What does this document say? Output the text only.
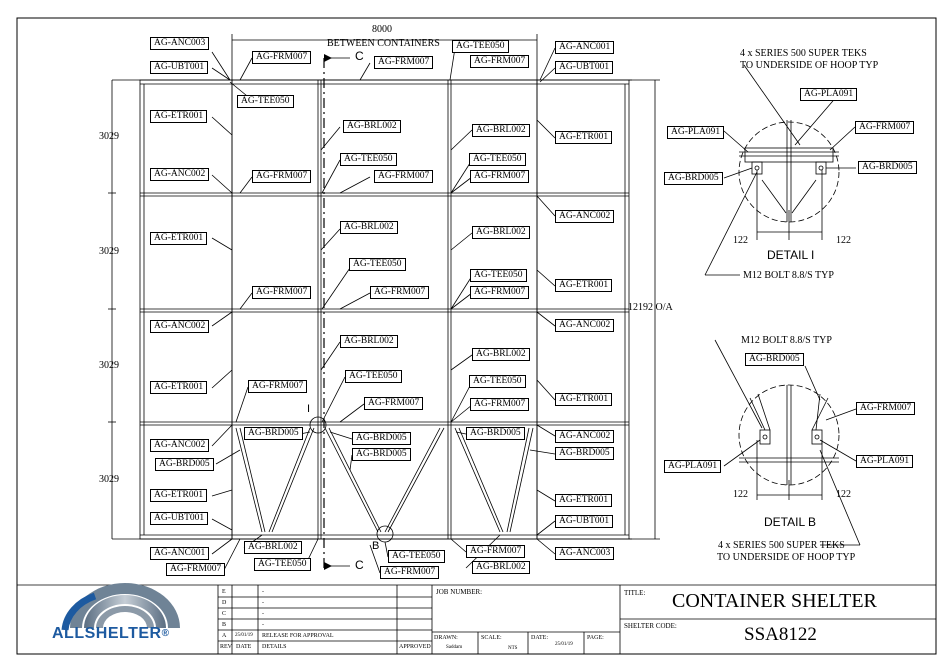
8000
BETWEEN CONTAINERS
C
C
12192 O/A
3029
3029
3029
3029
I
B
AG-ANC003
AG-UBT001
AG-ETR001
AG-ANC002
AG-ETR001
AG-ANC002
AG-ETR001
AG-ANC002
AG-BRD005
AG-ETR001
AG-UBT001
AG-ANC001
AG-FRM007
AG-FRM007
AG-TEE050
AG-FRM007
AG-TEE050
AG-FRM007
AG-ANC001
AG-UBT001
AG-BRL002	AG-BRL002
AG-ETR001
AG-TEE050	AG-TEE050
AG-FRM007	AG-FRM007	AG-FRM007
AG-ANC002
AG-BRL002	AG-BRL002
AG-TEE050
AG-TEE050
AG-ETR001
AG-FRM007	AG-FRM007	AG-FRM007
AG-ANC002
AG-BRL002
AG-BRL002
AG-TEE050	AG-TEE050
AG-FRM007
AG-ETR001
AG-FRM007	AG-FRM007
AG-BRD005	AG-BRD005	AG-BRD005	AG-ANC002
AG-BRD005	AG-BRD005
AG-ETR001
AG-UBT001
AG-BRL002
AG-TEE050
AG-TEE050
AG-FRM007
AG-FRM007
AG-BRL002
AG-ANC003
4 x SERIES 500 SUPER TEKS
TO UNDERSIDE OF HOOP TYP
AG-PLA091
AG-PLA091	AG-FRM007
AG-BRD005
AG-BRD005
122	122
DETAIL I
M12 BOLT 8.8/S TYP
M12 BOLT 8.8/S TYP
AG-BRD005
AG-FRM007
AG-PLA091	AG-PLA091
122	122
DETAIL B
4 x SERIES 500 SUPER TEKS
TO UNDERSIDE OF HOOP TYP
ALLSHELTER®
E	-
D	-
C	-
B	-
A 25/01/19 RELEASE FOR APPROVAL
REV DATE DETAILS	APPROVED
JOB NUMBER:
DRAWN:
Saddam
SCALE:
NTS
DATE:
25/01/19
PAGE:
TITLE: CONTAINER SHELTER
SHELTER CODE:	SSA8122
